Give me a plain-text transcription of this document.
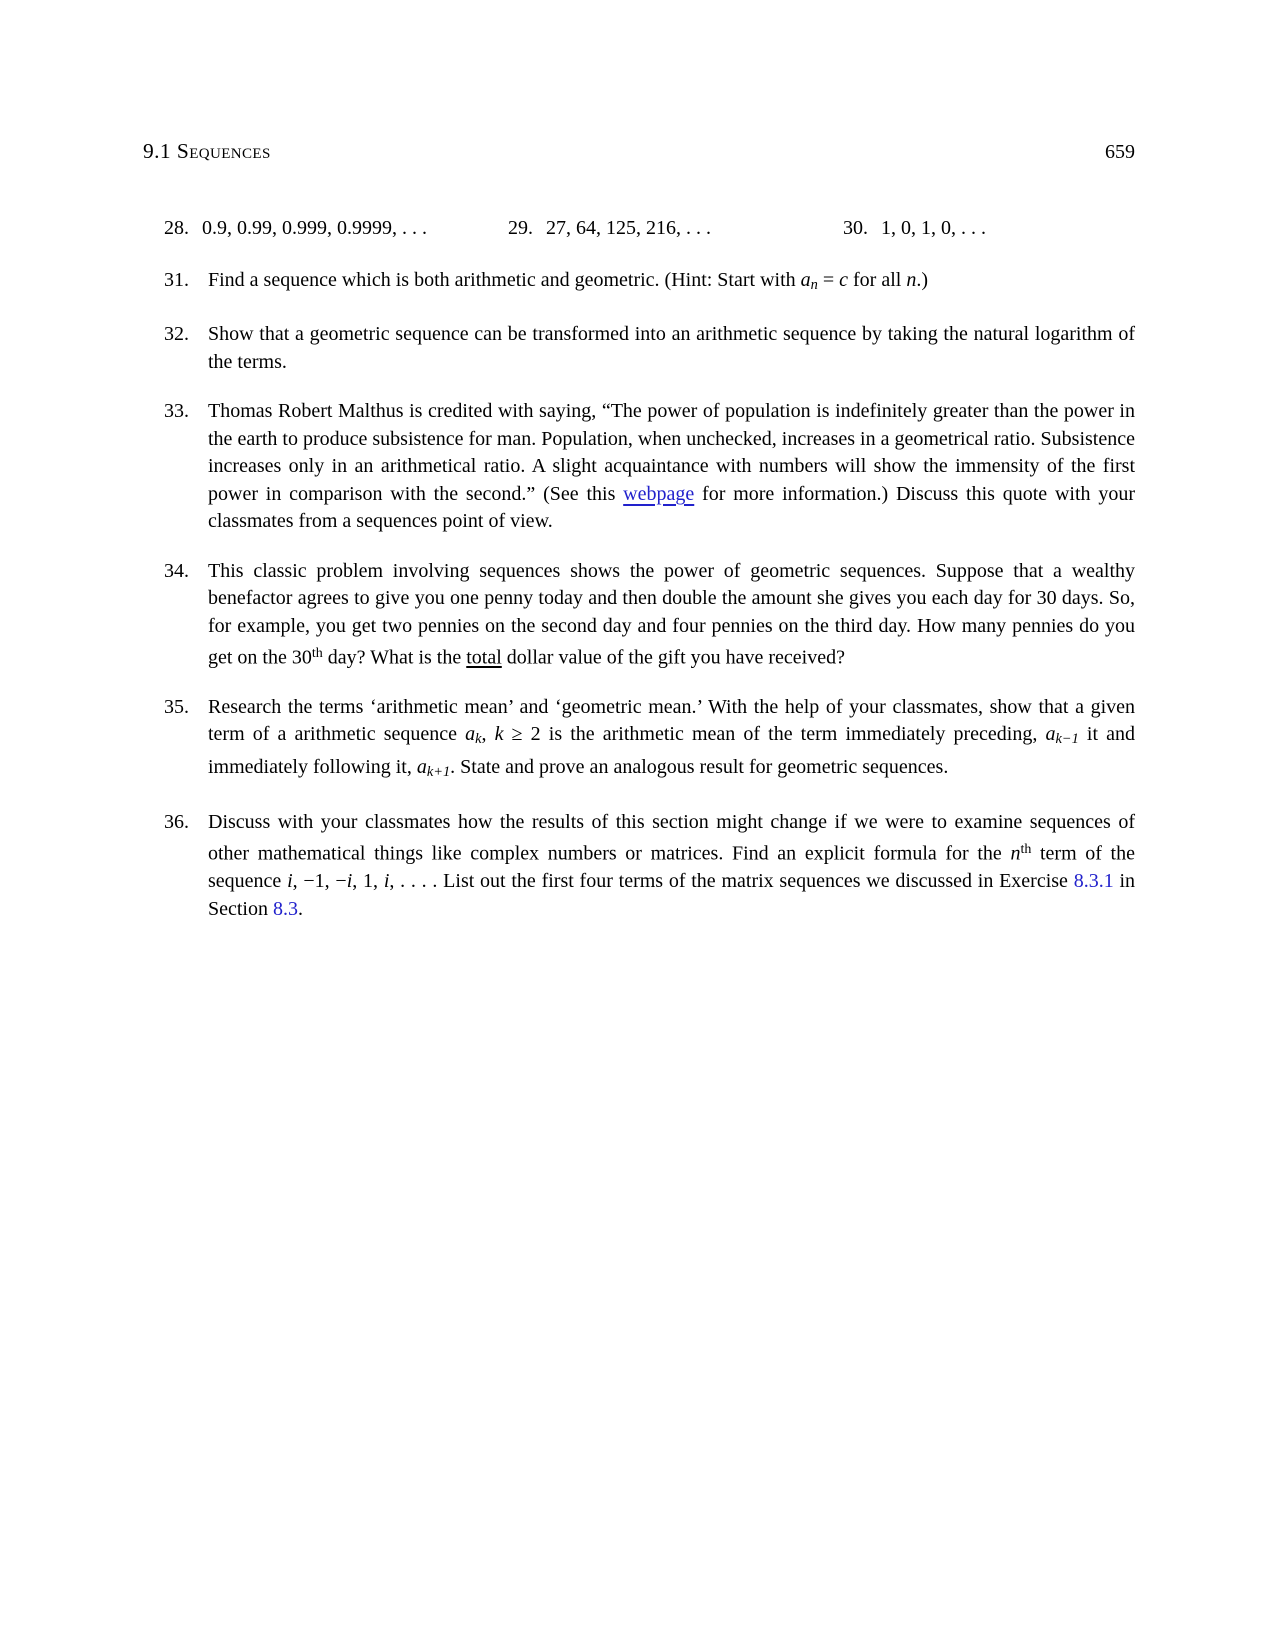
9.1 Sequences	659
28. 0.9, 0.99, 0.999, 0.9999, . . .	29. 27, 64, 125, 216, . . .	30. 1, 0, 1, 0, . . .
31. Find a sequence which is both arithmetic and geometric. (Hint: Start with an = c for all n.)
32. Show that a geometric sequence can be transformed into an arithmetic sequence by taking the natural logarithm of the terms.
33. Thomas Robert Malthus is credited with saying, “The power of population is indefinitely greater than the power in the earth to produce subsistence for man. Population, when unchecked, increases in a geometrical ratio. Subsistence increases only in an arithmetical ratio. A slight acquaintance with numbers will show the immensity of the first power in comparison with the second.” (See this webpage for more information.) Discuss this quote with your classmates from a sequences point of view.
34. This classic problem involving sequences shows the power of geometric sequences. Suppose that a wealthy benefactor agrees to give you one penny today and then double the amount she gives you each day for 30 days. So, for example, you get two pennies on the second day and four pennies on the third day. How many pennies do you get on the 30th day? What is the total dollar value of the gift you have received?
35. Research the terms ‘arithmetic mean’ and ‘geometric mean.’ With the help of your classmates, show that a given term of a arithmetic sequence ak, k ≥ 2 is the arithmetic mean of the term immediately preceding, ak−1 it and immediately following it, ak+1. State and prove an analogous result for geometric sequences.
36. Discuss with your classmates how the results of this section might change if we were to examine sequences of other mathematical things like complex numbers or matrices. Find an explicit formula for the $n^{th}$ term of the sequence i, −1, −i, 1, i, . . . . List out the first four terms of the matrix sequences we discussed in Exercise 8.3.1 in Section 8.3.
